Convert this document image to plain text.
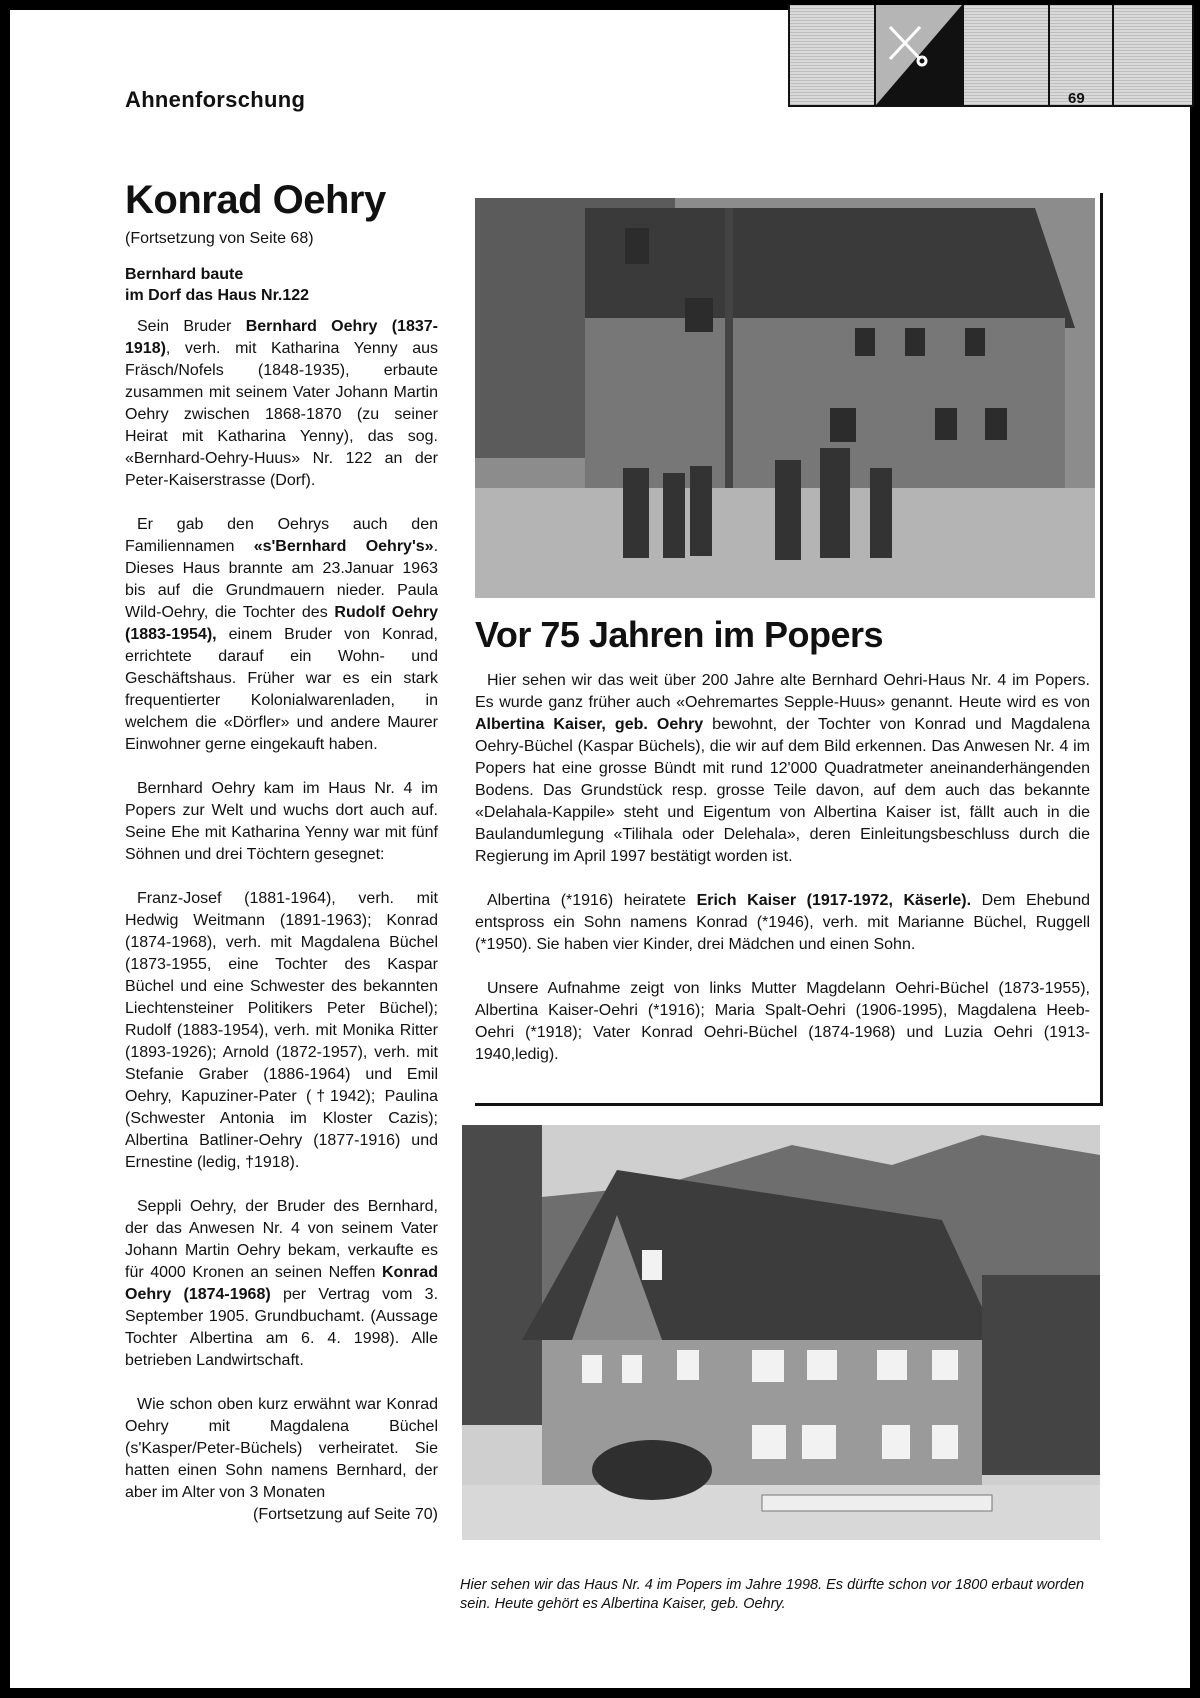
69
Ahnenforschung
Konrad Oehry
(Fortsetzung von Seite 68)
Bernhard baute
im Dorf das Haus Nr.122

Sein Bruder Bernhard Oehry (1837-1918), verh. mit Katharina Yenny aus Fräsch/Nofels (1848-1935), erbaute zusammen mit seinem Vater Johann Martin Oehry zwischen 1868-1870 (zu seiner Heirat mit Katharina Yenny), das sog. «Bernhard-Oehry-Huus» Nr. 122 an der Peter-Kaiserstrasse (Dorf).

Er gab den Oehrys auch den Familiennamen «s'Bernhard Oehry's». Dieses Haus brannte am 23.Januar 1963 bis auf die Grundmauern nieder. Paula Wild-Oehry, die Tochter des Rudolf Oehry (1883-1954), einem Bruder von Konrad, errichtete darauf ein Wohn- und Geschäftshaus. Früher war es ein stark frequentierter Kolonialwarenladen, in welchem die «Dörfler» und andere Maurer Einwohner gerne eingekauft haben.

Bernhard Oehry kam im Haus Nr. 4 im Popers zur Welt und wuchs dort auch auf. Seine Ehe mit Katharina Yenny war mit fünf Söhnen und drei Töchtern gesegnet:

Franz-Josef (1881-1964), verh. mit Hedwig Weitmann (1891-1963); Konrad (1874-1968), verh. mit Magdalena Büchel (1873-1955, eine Tochter des Kaspar Büchel und eine Schwester des bekannten Liechtensteiner Politikers Peter Büchel); Rudolf (1883-1954), verh. mit Monika Ritter (1893-1926); Arnold (1872-1957), verh. mit Stefanie Graber (1886-1964) und Emil Oehry, Kapuziner-Pater (†1942); Paulina (Schwester Antonia im Kloster Cazis); Albertina Batliner-Oehry (1877-1916) und Ernestine (ledig, †1918).

Seppli Oehry, der Bruder des Bernhard, der das Anwesen Nr. 4 von seinem Vater Johann Martin Oehry bekam, verkaufte es für 4000 Kronen an seinen Neffen Konrad Oehry (1874-1968) per Vertrag vom 3. September 1905. Grundbuchamt. (Aussage Tochter Albertina am 6. 4. 1998). Alle betrieben Landwirtschaft.

Wie schon oben kurz erwähnt war Konrad Oehry mit Magdalena Büchel (s'Kasper/Peter-Büchels) verheiratet. Sie hatten einen Sohn namens Bernhard, der aber im Alter von 3 Monaten
(Fortsetzung auf Seite 70)

Vor 75 Jahren im Popers

Hier sehen wir das weit über 200 Jahre alte Bernhard Oehri-Haus Nr. 4 im Popers. Es wurde ganz früher auch «Oehremartes Sepple-Huus» genannt. Heute wird es von Albertina Kaiser, geb. Oehry bewohnt, der Tochter von Konrad und Magdalena Oehry-Büchel (Kaspar Büchels), die wir auf dem Bild erkennen. Das Anwesen Nr. 4 im Popers hat eine grosse Bündt mit rund 12'000 Quadratmeter aneinanderhängenden Bodens. Das Grundstück resp. grosse Teile davon, auf dem auch das bekannte «Delahala-Kappile» steht und Eigentum von Albertina Kaiser ist, fällt auch in die Baulandumlegung «Tilihala oder Delehala», deren Einleitungsbeschluss durch die Regierung im April 1997 bestätigt worden ist.

Albertina (*1916) heiratete Erich Kaiser (1917-1972, Käserle). Dem Ehebund entspross ein Sohn namens Konrad (*1946), verh. mit Marianne Büchel, Ruggell (*1950). Sie haben vier Kinder, drei Mädchen und einen Sohn.

Unsere Aufnahme zeigt von links Mutter Magdelann Oehri-Büchel (1873-1955), Albertina Kaiser-Oehri (*1916); Maria Spalt-Oehri (1906-1995), Magdalena Heeb-Oehri (*1918); Vater Konrad Oehri-Büchel (1874-1968) und Luzia Oehri (1913-1940,ledig).

Hier sehen wir das Haus Nr. 4 im Popers im Jahre 1998. Es dürfte schon vor 1800 erbaut worden sein. Heute gehört es Albertina Kaiser, geb. Oehry.
